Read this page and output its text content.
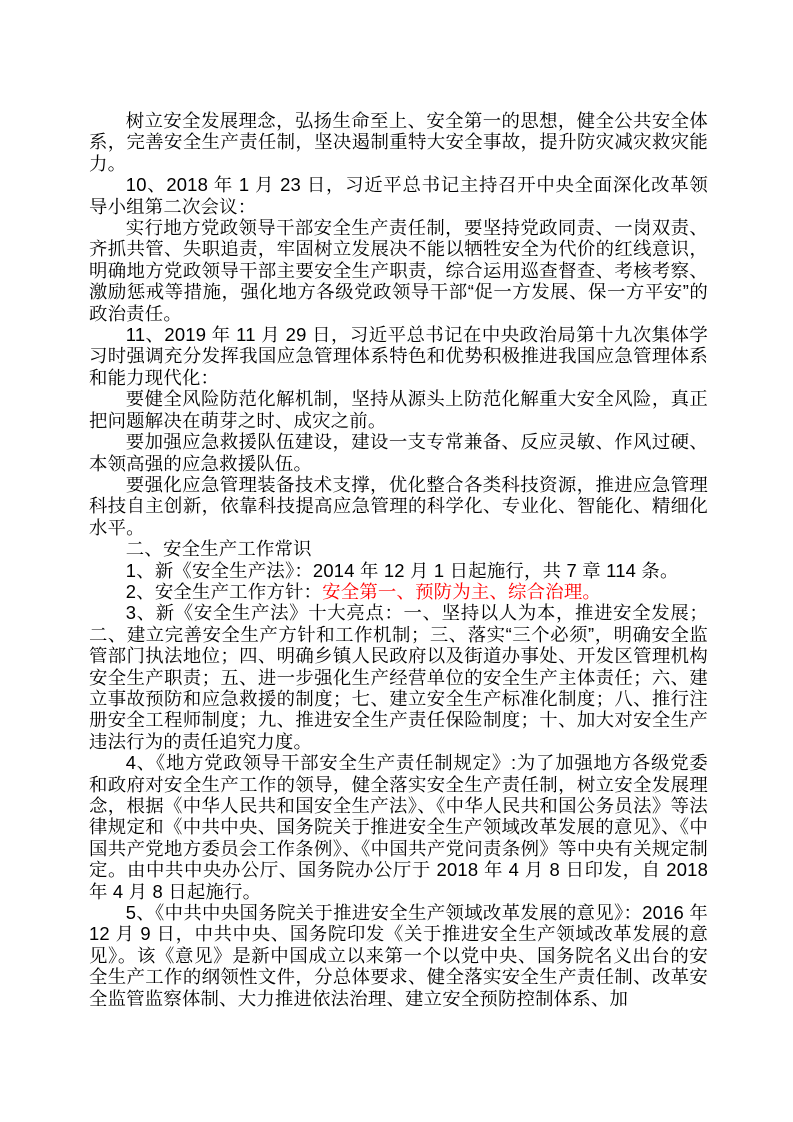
树立安全发展理念，弘扬生命至上、安全第一的思想，健全公共安全体系，完善安全生产责任制，坚决遏制重特大安全事故，提升防灾减灾救灾能力。

10、2018 年 1 月 23 日，习近平总书记主持召开中央全面深化改革领导小组第二次会议：

实行地方党政领导干部安全生产责任制，要坚持党政同责、一岗双责、齐抓共管、失职追责，牢固树立发展决不能以牺牲安全为代价的红线意识，明确地方党政领导干部主要安全生产职责，综合运用巡查督查、考核考察、激励惩戒等措施，强化地方各级党政领导干部“促一方发展、保一方平安”的政治责任。

11、2019 年 11 月 29 日，习近平总书记在中央政治局第十九次集体学习时强调充分发挥我国应急管理体系特色和优势积极推进我国应急管理体系和能力现代化：

要健全风险防范化解机制，坚持从源头上防范化解重大安全风险，真正把问题解决在萌芽之时、成灾之前。

要加强应急救援队伍建设，建设一支专常兼备、反应灵敏、作风过硬、本领高强的应急救援队伍。

要强化应急管理装备技术支撑，优化整合各类科技资源，推进应急管理科技自主创新，依靠科技提高应急管理的科学化、专业化、智能化、精细化水平。

二、安全生产工作常识

1、新《安全生产法》：2014 年 12 月 1 日起施行，共 7 章 114 条。

2、安全生产工作方针：安全第一、预防为主、综合治理。

3、新《安全生产法》十大亮点：一、坚持以人为本，推进安全发展；二、建立完善安全生产方针和工作机制；三、落实“三个必须”，明确安全监管部门执法地位；四、明确乡镇人民政府以及街道办事处、开发区管理机构安全生产职责；五、进一步强化生产经营单位的安全生产主体责任；六、建立事故预防和应急救援的制度；七、建立安全生产标准化制度；八、推行注册安全工程师制度；九、推进安全生产责任保险制度；十、加大对安全生产违法行为的责任追究力度。

4、《地方党政领导干部安全生产责任制规定》:为了加强地方各级党委和政府对安全生产工作的领导，健全落实安全生产责任制，树立安全发展理念，根据《中华人民共和国安全生产法》、《中华人民共和国公务员法》等法律规定和《中共中央、国务院关于推进安全生产领域改革发展的意见》、《中国共产党地方委员会工作条例》、《中国共产党问责条例》等中央有关规定制定。由中共中央办公厅、国务院办公厅于 2018 年 4 月 8 日印发，自 2018 年 4 月 8 日起施行。

5、《中共中央国务院关于推进安全生产领域改革发展的意见》：2016 年 12 月 9 日，中共中央、国务院印发《关于推进安全生产领域改革发展的意见》。该《意见》是新中国成立以来第一个以党中央、国务院名义出台的安全生产工作的纲领性文件，分总体要求、健全落实安全生产责任制、改革安全监管监察体制、大力推进依法治理、建立安全预防控制体系、加
